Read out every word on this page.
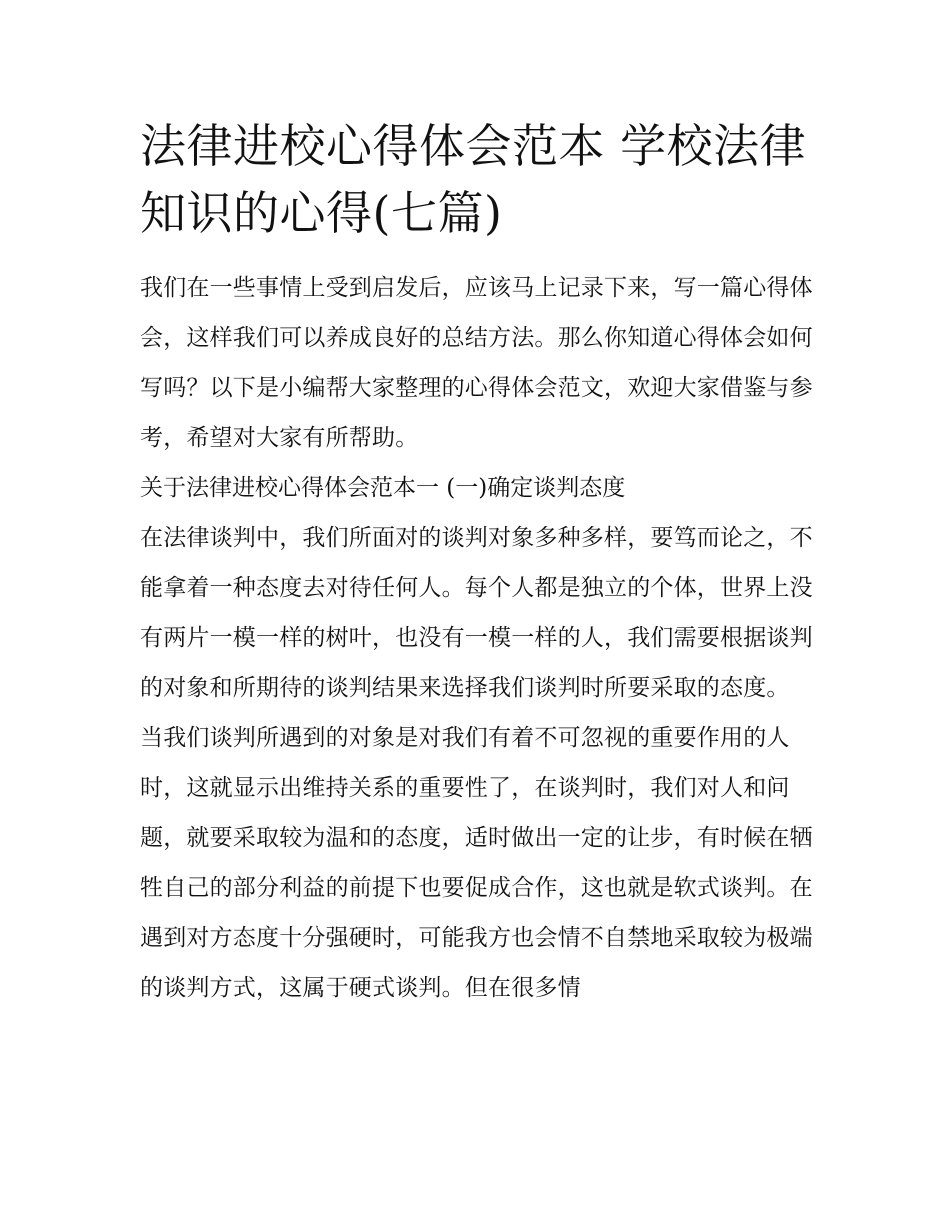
法律进校心得体会范本 学校法律知识的心得(七篇)

我们在一些事情上受到启发后，应该马上记录下来，写一篇心得体会，这样我们可以养成良好的总结方法。那么你知道心得体会如何写吗？以下是小编帮大家整理的心得体会范文，欢迎大家借鉴与参考，希望对大家有所帮助。

关于法律进校心得体会范本一 (一)确定谈判态度

在法律谈判中，我们所面对的谈判对象多种多样，要笃而论之，不能拿着一种态度去对待任何人。每个人都是独立的个体，世界上没有两片一模一样的树叶，也没有一模一样的人，我们需要根据谈判的对象和所期待的谈判结果来选择我们谈判时所要采取的态度。

当我们谈判所遇到的对象是对我们有着不可忽视的重要作用的人时，这就显示出维持关系的重要性了，在谈判时，我们对人和问题，就要采取较为温和的态度，适时做出一定的让步，有时候在牺牲自己的部分利益的前提下也要促成合作，这也就是软式谈判。在遇到对方态度十分强硬时，可能我方也会情不自禁地采取较为极端的谈判方式，这属于硬式谈判。但在很多情
